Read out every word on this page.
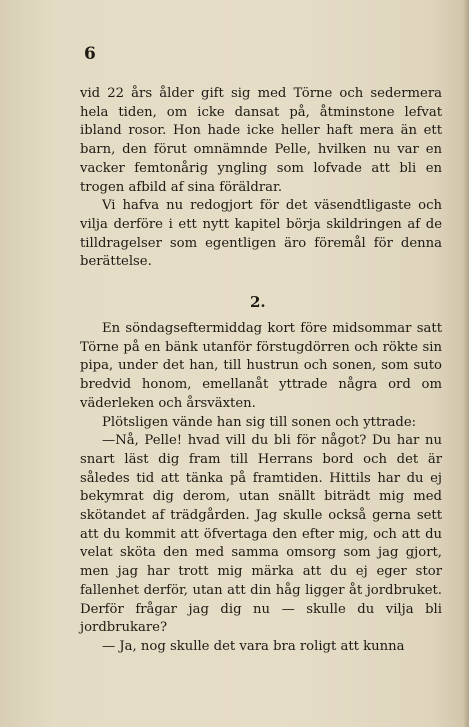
6

vid 22 års ålder gift sig med Törne och sedermera hela tiden, om icke dansat på, åtminstone lefvat ibland rosor. Hon hade icke heller haft mera än ett barn, den förut omnämnde Pelle, hvilken nu var en vacker femtonårig yngling som lofvade att bli en trogen afbild af sina föräldrar.

Vi hafva nu redogjort för det väsendtligaste och vilja derföre i ett nytt kapitel börja skildringen af de tilldragelser som egentligen äro föremål för denna berättelse.

2.

En söndagseftermiddag kort före midsommar satt Törne på en bänk utanför förstugdörren och rökte sin pipa, under det han, till hustrun och sonen, som suto bredvid honom, emellanåt yttrade några ord om väderleken och årsväxten.

Plötsligen vände han sig till sonen och yttrade:

—Nå, Pelle! hvad vill du bli för något? Du har nu snart läst dig fram till Herrans bord och det är således tid att tänka på framtiden. Hittils har du ej bekymrat dig derom, utan snällt biträdt mig med skötandet af trädgården. Jag skulle också gerna sett att du kommit att öfvertaga den efter mig, och att du velat sköta den med samma omsorg som jag gjort, men jag har trott mig märka att du ej eger stor fallenhet derför, utan att din håg ligger åt jordbruket. Derför frågar jag dig nu — skulle du vilja bli jordbrukare?

— Ja, nog skulle det vara bra roligt att kunna
